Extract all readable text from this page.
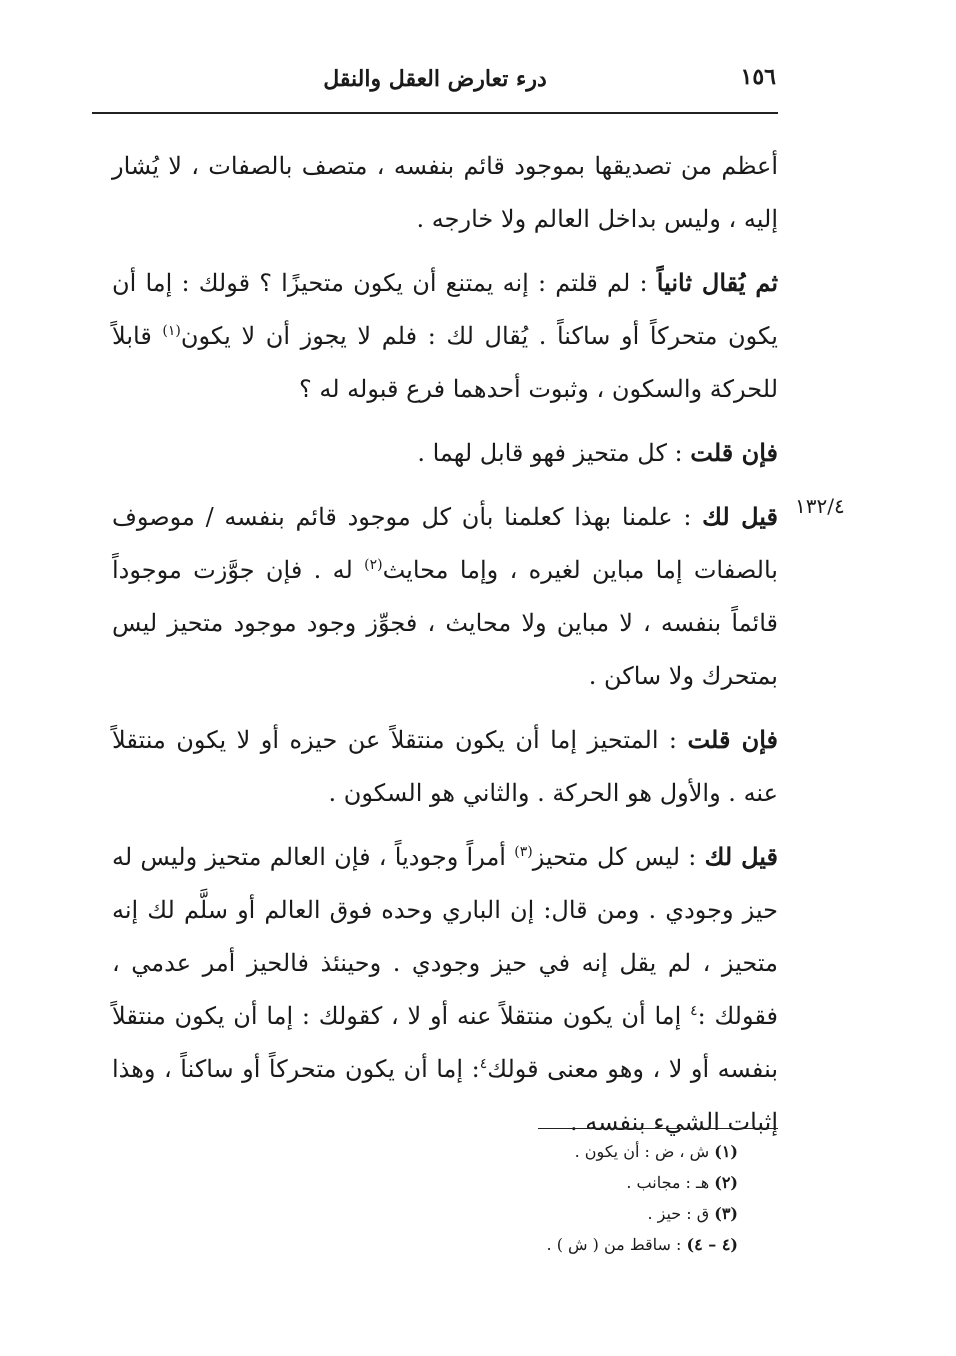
١٥٦
درء تعارض العقل والنقل
١٣٢/٤

أعظم من تصديقها بموجود قائم بنفسه ، متصف بالصفات ، لا يُشار إليه ، وليس بداخل العالم ولا خارجه .

ثم يُقال ثانياً : لم قلتم : إنه يمتنع أن يكون متحيزًا ؟ قولك : إما أن يكون متحركاً أو ساكناً . يُقال لك : فلم لا يجوز أن لا يكون$^{(١)}$ قابلاً للحركة والسكون ، وثبوت أحدهما فرع قبوله له ؟

فإن قلت : كل متحيز فهو قابل لهما .

قيل لك : علمنا بهذا كعلمنا بأن كل موجود قائم بنفسه / موصوف بالصفات إما مباين لغيره ، وإما محايث$^{(٢)}$ له . فإن جوَّزت موجوداً قائماً بنفسه ، لا مباين ولا محايث ، فجوِّز وجود موجود متحيز ليس بمتحرك ولا ساكن .

فإن قلت : المتحيز إما أن يكون منتقلاً عن حيزه أو لا يكون منتقلاً عنه . والأول هو الحركة . والثاني هو السكون .

قيل لك : ليس كل متحيز$^{(٣)}$ أمراً وجودياً ، فإن العالم متحيز وليس له حيز وجودي . ومن قال: إن الباري وحده فوق العالم أو سلَّم لك إنه متحيز ، لم يقل إنه في حيز وجودي . وحينئذ فالحيز أمر عدمي ، فقولك :$^٤$ إما أن يكون منتقلاً عنه أو لا ، كقولك : إما أن يكون منتقلاً بنفسه أو لا ، وهو معنى قولك$^٤$: إما أن يكون متحركاً أو ساكناً ، وهذا إثبات الشيء بنفسه .

(١) ش ، ض : أن يكون .
(٢) هـ : مجانب .
(٣) ق : حيز .
(٤ – ٤) : ساقط من ( ش ) .
